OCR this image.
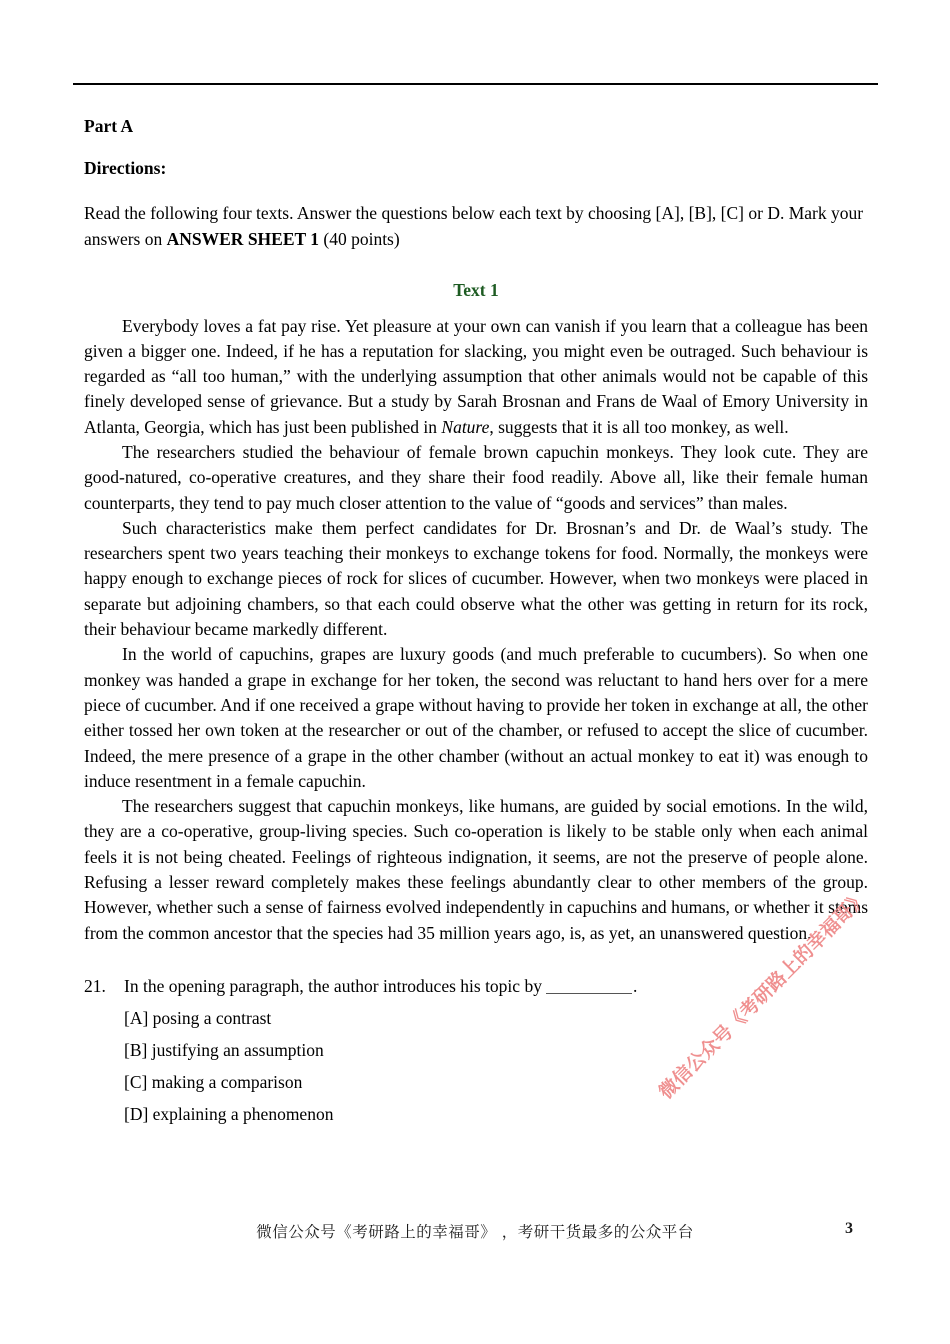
Part A
Directions:

Read the following four texts. Answer the questions below each text by choosing [A], [B], [C] or D. Mark your answers on ANSWER SHEET 1 (40 points)

Text 1

Everybody loves a fat pay rise. Yet pleasure at your own can vanish if you learn that a colleague has been given a bigger one. Indeed, if he has a reputation for slacking, you might even be outraged. Such behaviour is regarded as “all too human,” with the underlying assumption that other animals would not be capable of this finely developed sense of grievance. But a study by Sarah Brosnan and Frans de Waal of Emory University in Atlanta, Georgia, which has just been published in Nature, suggests that it is all too monkey, as well.

The researchers studied the behaviour of female brown capuchin monkeys. They look cute. They are good-natured, co-operative creatures, and they share their food readily. Above all, like their female human counterparts, they tend to pay much closer attention to the value of “goods and services” than males.

Such characteristics make them perfect candidates for Dr. Brosnan’s and Dr. de Waal’s study. The researchers spent two years teaching their monkeys to exchange tokens for food. Normally, the monkeys were happy enough to exchange pieces of rock for slices of cucumber. However, when two monkeys were placed in separate but adjoining chambers, so that each could observe what the other was getting in return for its rock, their behaviour became markedly different.

In the world of capuchins, grapes are luxury goods (and much preferable to cucumbers). So when one monkey was handed a grape in exchange for her token, the second was reluctant to hand hers over for a mere piece of cucumber. And if one received a grape without having to provide her token in exchange at all, the other either tossed her own token at the researcher or out of the chamber, or refused to accept the slice of cucumber. Indeed, the mere presence of a grape in the other chamber (without an actual monkey to eat it) was enough to induce resentment in a female capuchin.

The researchers suggest that capuchin monkeys, like humans, are guided by social emotions. In the wild, they are a co-operative, group-living species. Such co-operation is likely to be stable only when each animal feels it is not being cheated. Feelings of righteous indignation, it seems, are not the preserve of people alone. Refusing a lesser reward completely makes these feelings abundantly clear to other members of the group. However, whether such a sense of fairness evolved independently in capuchins and humans, or whether it stems from the common ancestor that the species had 35 million years ago, is, as yet, an unanswered question.

21. In the opening paragraph, the author introduces his topic by	.
[A] posing a contrast
[B] justifying an assumption
[C] making a comparison
[D] explaining a phenomenon
微信公众号《考研路上的幸福哥》
微信公众号《考研路上的幸福哥》 ，考研干货最多的公众平台	3
